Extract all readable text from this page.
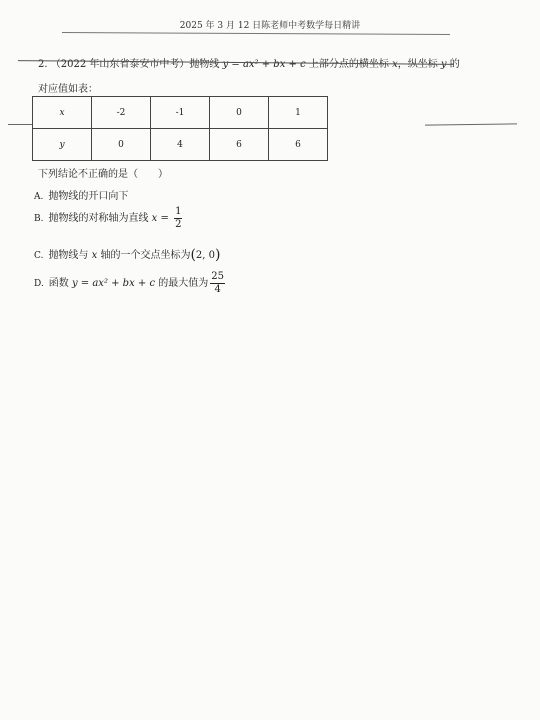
2025 年 3 月 12 日陈老师中考数学每日精讲
2. （2022 年山东省泰安市中考）抛物线 y = ax² + bx + c 上部分点的横坐标 x，纵坐标 y 的
对应值如表：
x	-2	-1	0	1
y	0	4	6	6
下列结论不正确的是（　　）
A. 抛物线的开口向下
B. 抛物线的对称轴为直线 $x = \frac{1}{2}$
C. 抛物线与 x 轴的一个交点坐标为(2, 0)
D. 函数 y = ax² + bx + c 的最大值为 $\frac{25}{4}$
